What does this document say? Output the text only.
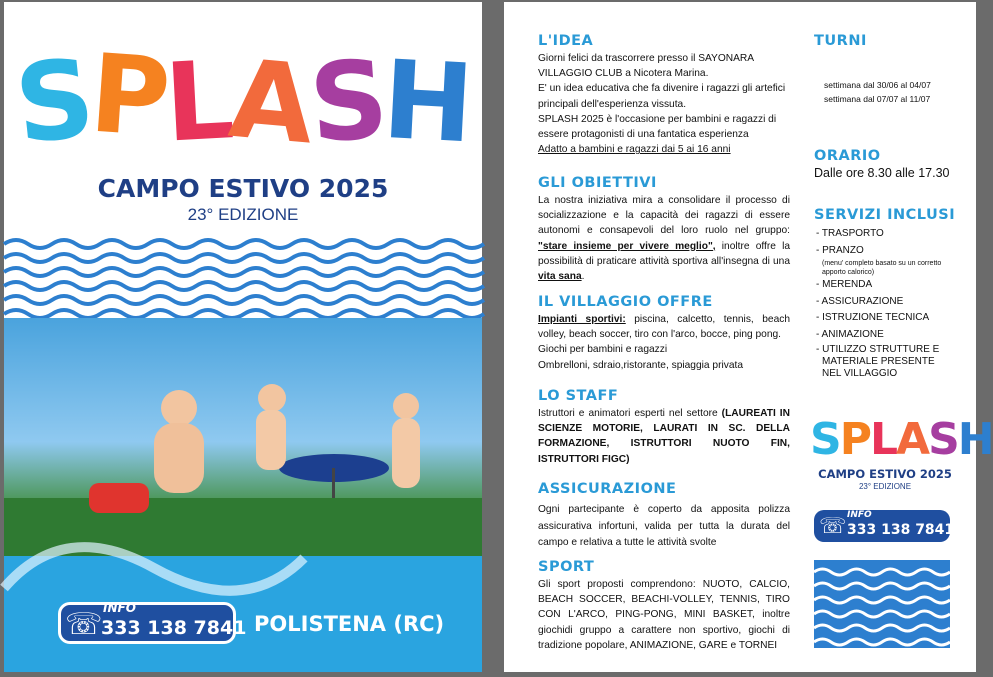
SPLASH
CAMPO ESTIVO 2025
23° EDIZIONE
INFO
333 138 7841
☏	POLISTENA (RC)
L'IDEA
Giorni felici da trascorrere presso il SAYONARA VILLAGGIO CLUB a Nicotera Marina.
E' un idea educativa che fa divenire i ragazzi gli artefici principali dell'esperienza vissuta.
SPLASH 2025 è l'occasione per bambini e ragazzi di essere protagonisti di una fantatica esperienza
Adatto a bambini e ragazzi dai 5 ai 16 anni
GLI OBIETTIVI
La nostra iniziativa mira a consolidare il processo di socializzazione e la capacità dei ragazzi di essere autonomi e consapevoli del loro ruolo nel gruppo: "stare insieme per vivere meglio", inoltre offre la possibilità di praticare attività sportiva all'insegna di una vita sana.
IL VILLAGGIO OFFRE
Impianti sportivi: piscina, calcetto, tennis, beach volley, beach soccer, tiro con l'arco, bocce, ping pong.
Giochi per bambini e ragazzi
Ombrelloni, sdraio,ristorante, spiaggia privata
LO STAFF
Istruttori e animatori esperti nel settore (LAUREATI IN SCIENZE MOTORIE, LAURATI IN SC. DELLA FORMAZIONE, ISTRUTTORI NUOTO FIN, ISTRUTTORI FIGC)
ASSICURAZIONE
Ogni partecipante è coperto da apposita polizza assicurativa infortuni, valida per tutta la durata del campo e relativa a tutte le attività svolte
SPORT
Gli sport proposti comprendono: NUOTO, CALCIO, BEACH SOCCER, BEACHI-VOLLEY, TENNIS, TIRO CON L'ARCO, PING-PONG, MINI BASKET, inoltre giochidi gruppo a carattere non sportivo, giochi di tradizione popolare, ANIMAZIONE, GARE e TORNEI
TURNI
settimana dal 30/06 al 04/07
settimana dal 07/07 al 11/07
ORARIO
Dalle ore 8.30 alle 17.30
SERVIZI INCLUSI
- TRASPORTO
- PRANZO
(menu' completo basato su un corretto apporto calorico)
- MERENDA
- ASSICURAZIONE
- ISTRUZIONE TECNICA
- ANIMAZIONE
- UTILIZZO STRUTTURE E
MATERIALE PRESENTE
NEL VILLAGGIO
SPLASH
CAMPO ESTIVO 2025
23° EDIZIONE
INFO
333 138 7841
☏
